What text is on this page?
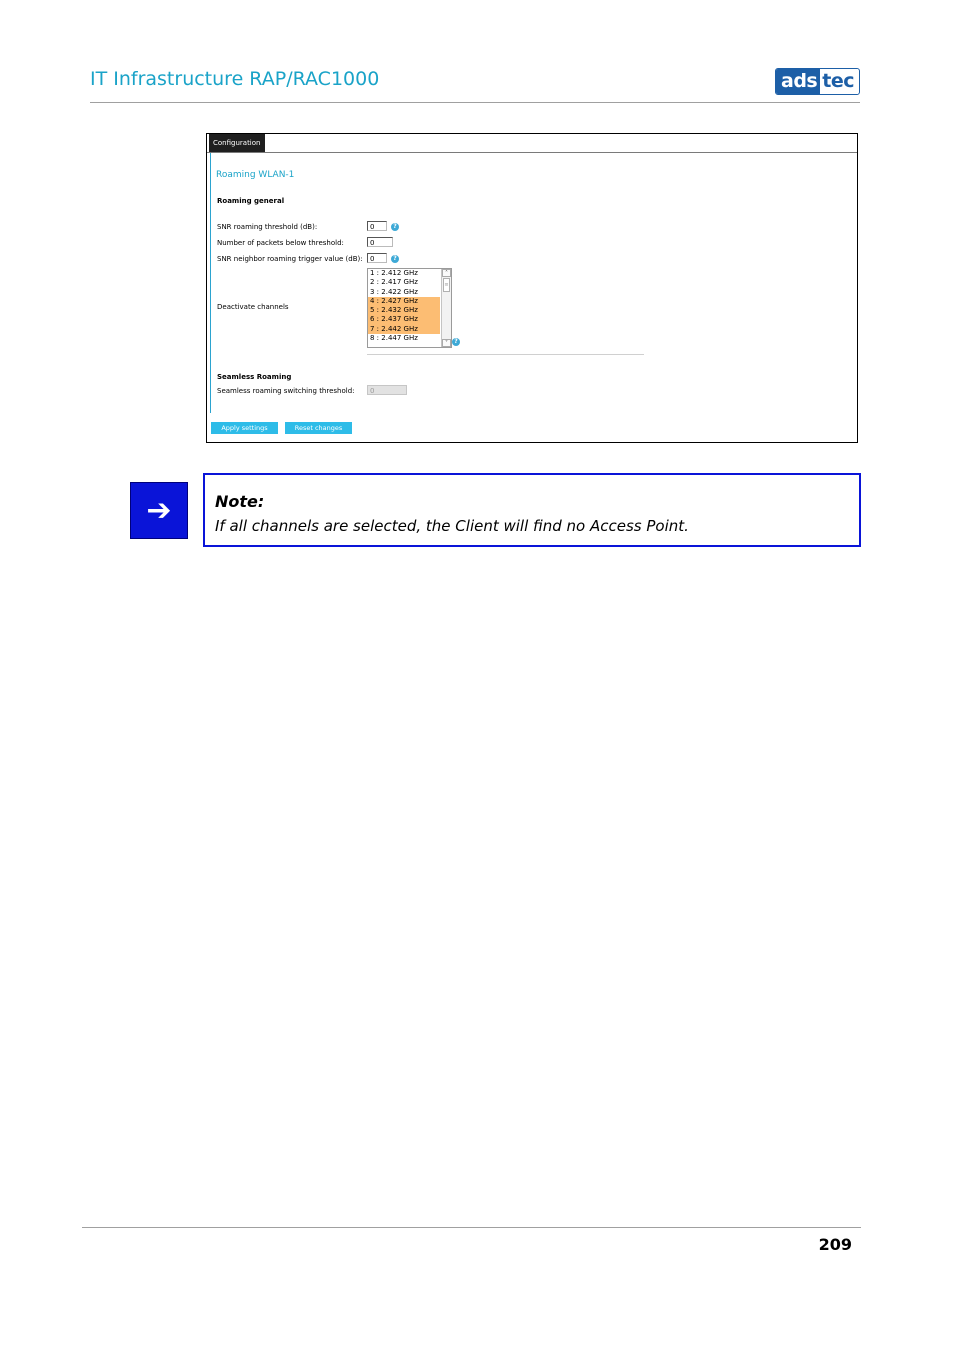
IT Infrastructure RAP/RAC1000	ads tec
Configuration
Roaming WLAN-1
Roaming general
SNR roaming threshold (dB):	0	?
Number of packets below threshold:	0
SNR neighbor roaming trigger value (dB):	0	?
Deactivate channels
1 : 2.412 GHz
2 : 2.417 GHz
3 : 2.422 GHz
4 : 2.427 GHz
5 : 2.432 GHz
6 : 2.437 GHz
7 : 2.442 GHz
8 : 2.447 GHz
˄
≡
˅	?
Seamless Roaming
Seamless roaming switching threshold:	0
Apply settings	Reset changes
➔	Note:
If all channels are selected, the Client will find no Access Point.
209
